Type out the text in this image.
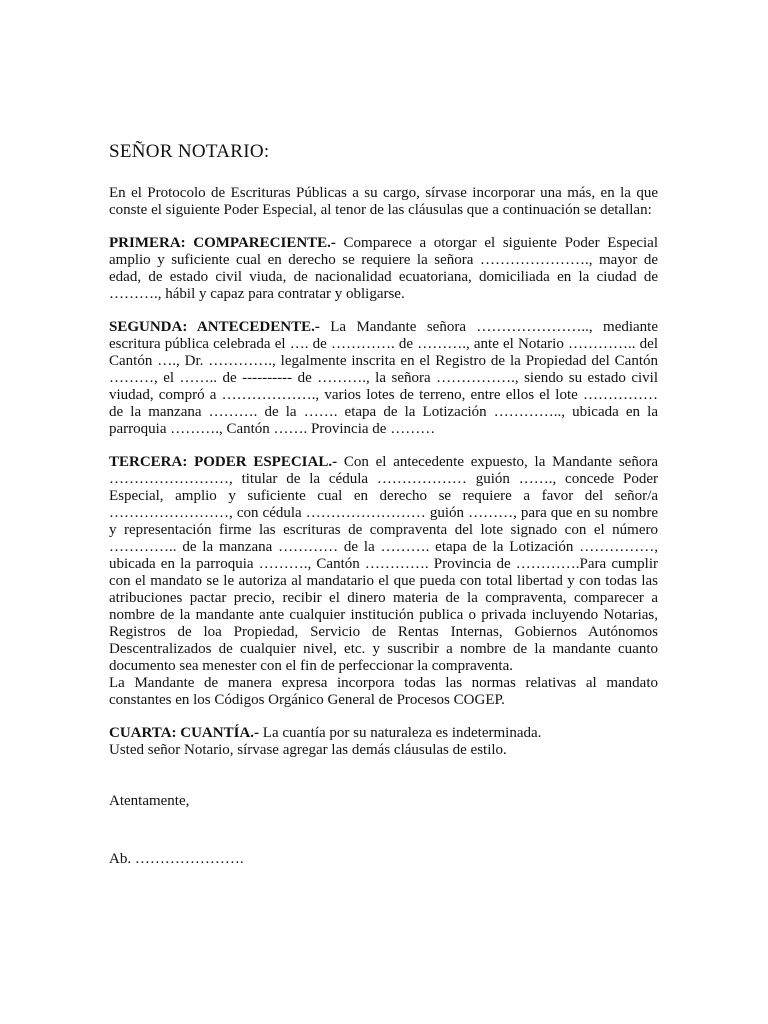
SEÑOR NOTARIO:

En el Protocolo de Escrituras Públicas a su cargo, sírvase incorporar una más, en la que conste el siguiente Poder Especial, al tenor de las cláusulas que a continuación se detallan:

PRIMERA: COMPARECIENTE.- Comparece a otorgar el siguiente Poder Especial amplio y suficiente cual en derecho se requiere la señora …………………., mayor de edad, de estado civil viuda, de nacionalidad ecuatoriana, domiciliada en la ciudad de ………., hábil y capaz para contratar y obligarse.

SEGUNDA: ANTECEDENTE.- La Mandante señora ………………….., mediante escritura pública celebrada el …. de …………. de ………., ante el Notario ………….. del Cantón …., Dr. …………., legalmente inscrita en el Registro de la Propiedad del Cantón ………, el …….. de ---------- de ………., la señora ……………., siendo su estado civil viudad, compró a ………………., varios lotes de terreno, entre ellos el lote …………… de la manzana ………. de la ……. etapa de la Lotización ………….., ubicada en la parroquia ………., Cantón ……. Provincia de ………

TERCERA: PODER ESPECIAL.- Con el antecedente expuesto, la Mandante señora ……………………, titular de la cédula ……………… guión ……., concede Poder Especial, amplio y suficiente cual en derecho se requiere a favor del señor/a ……………………, con cédula …………………… guión ………, para que en su nombre y representación firme las escrituras de compraventa del lote signado con el número ………….. de la manzana ………… de la ………. etapa de la Lotización ……………, ubicada en la parroquia ………., Cantón …………. Provincia de ………….Para cumplir con el mandato se le autoriza al mandatario el que pueda con total libertad y con todas las atribuciones pactar precio, recibir el dinero materia de la compraventa, comparecer a nombre de la mandante ante cualquier institución publica o privada incluyendo Notarias, Registros de loa Propiedad, Servicio de Rentas Internas, Gobiernos Autónomos Descentralizados de cualquier nivel, etc. y suscribir a nombre de la mandante cuanto documento sea menester con el fin de perfeccionar la compraventa.

La Mandante de manera expresa incorpora todas las normas relativas al mandato constantes en los Códigos Orgánico General de Procesos COGEP.

CUARTA: CUANTÍA.- La cuantía por su naturaleza es indeterminada.

Usted señor Notario, sírvase agregar las demás cláusulas de estilo.

Atentamente,

Ab. ………………….
